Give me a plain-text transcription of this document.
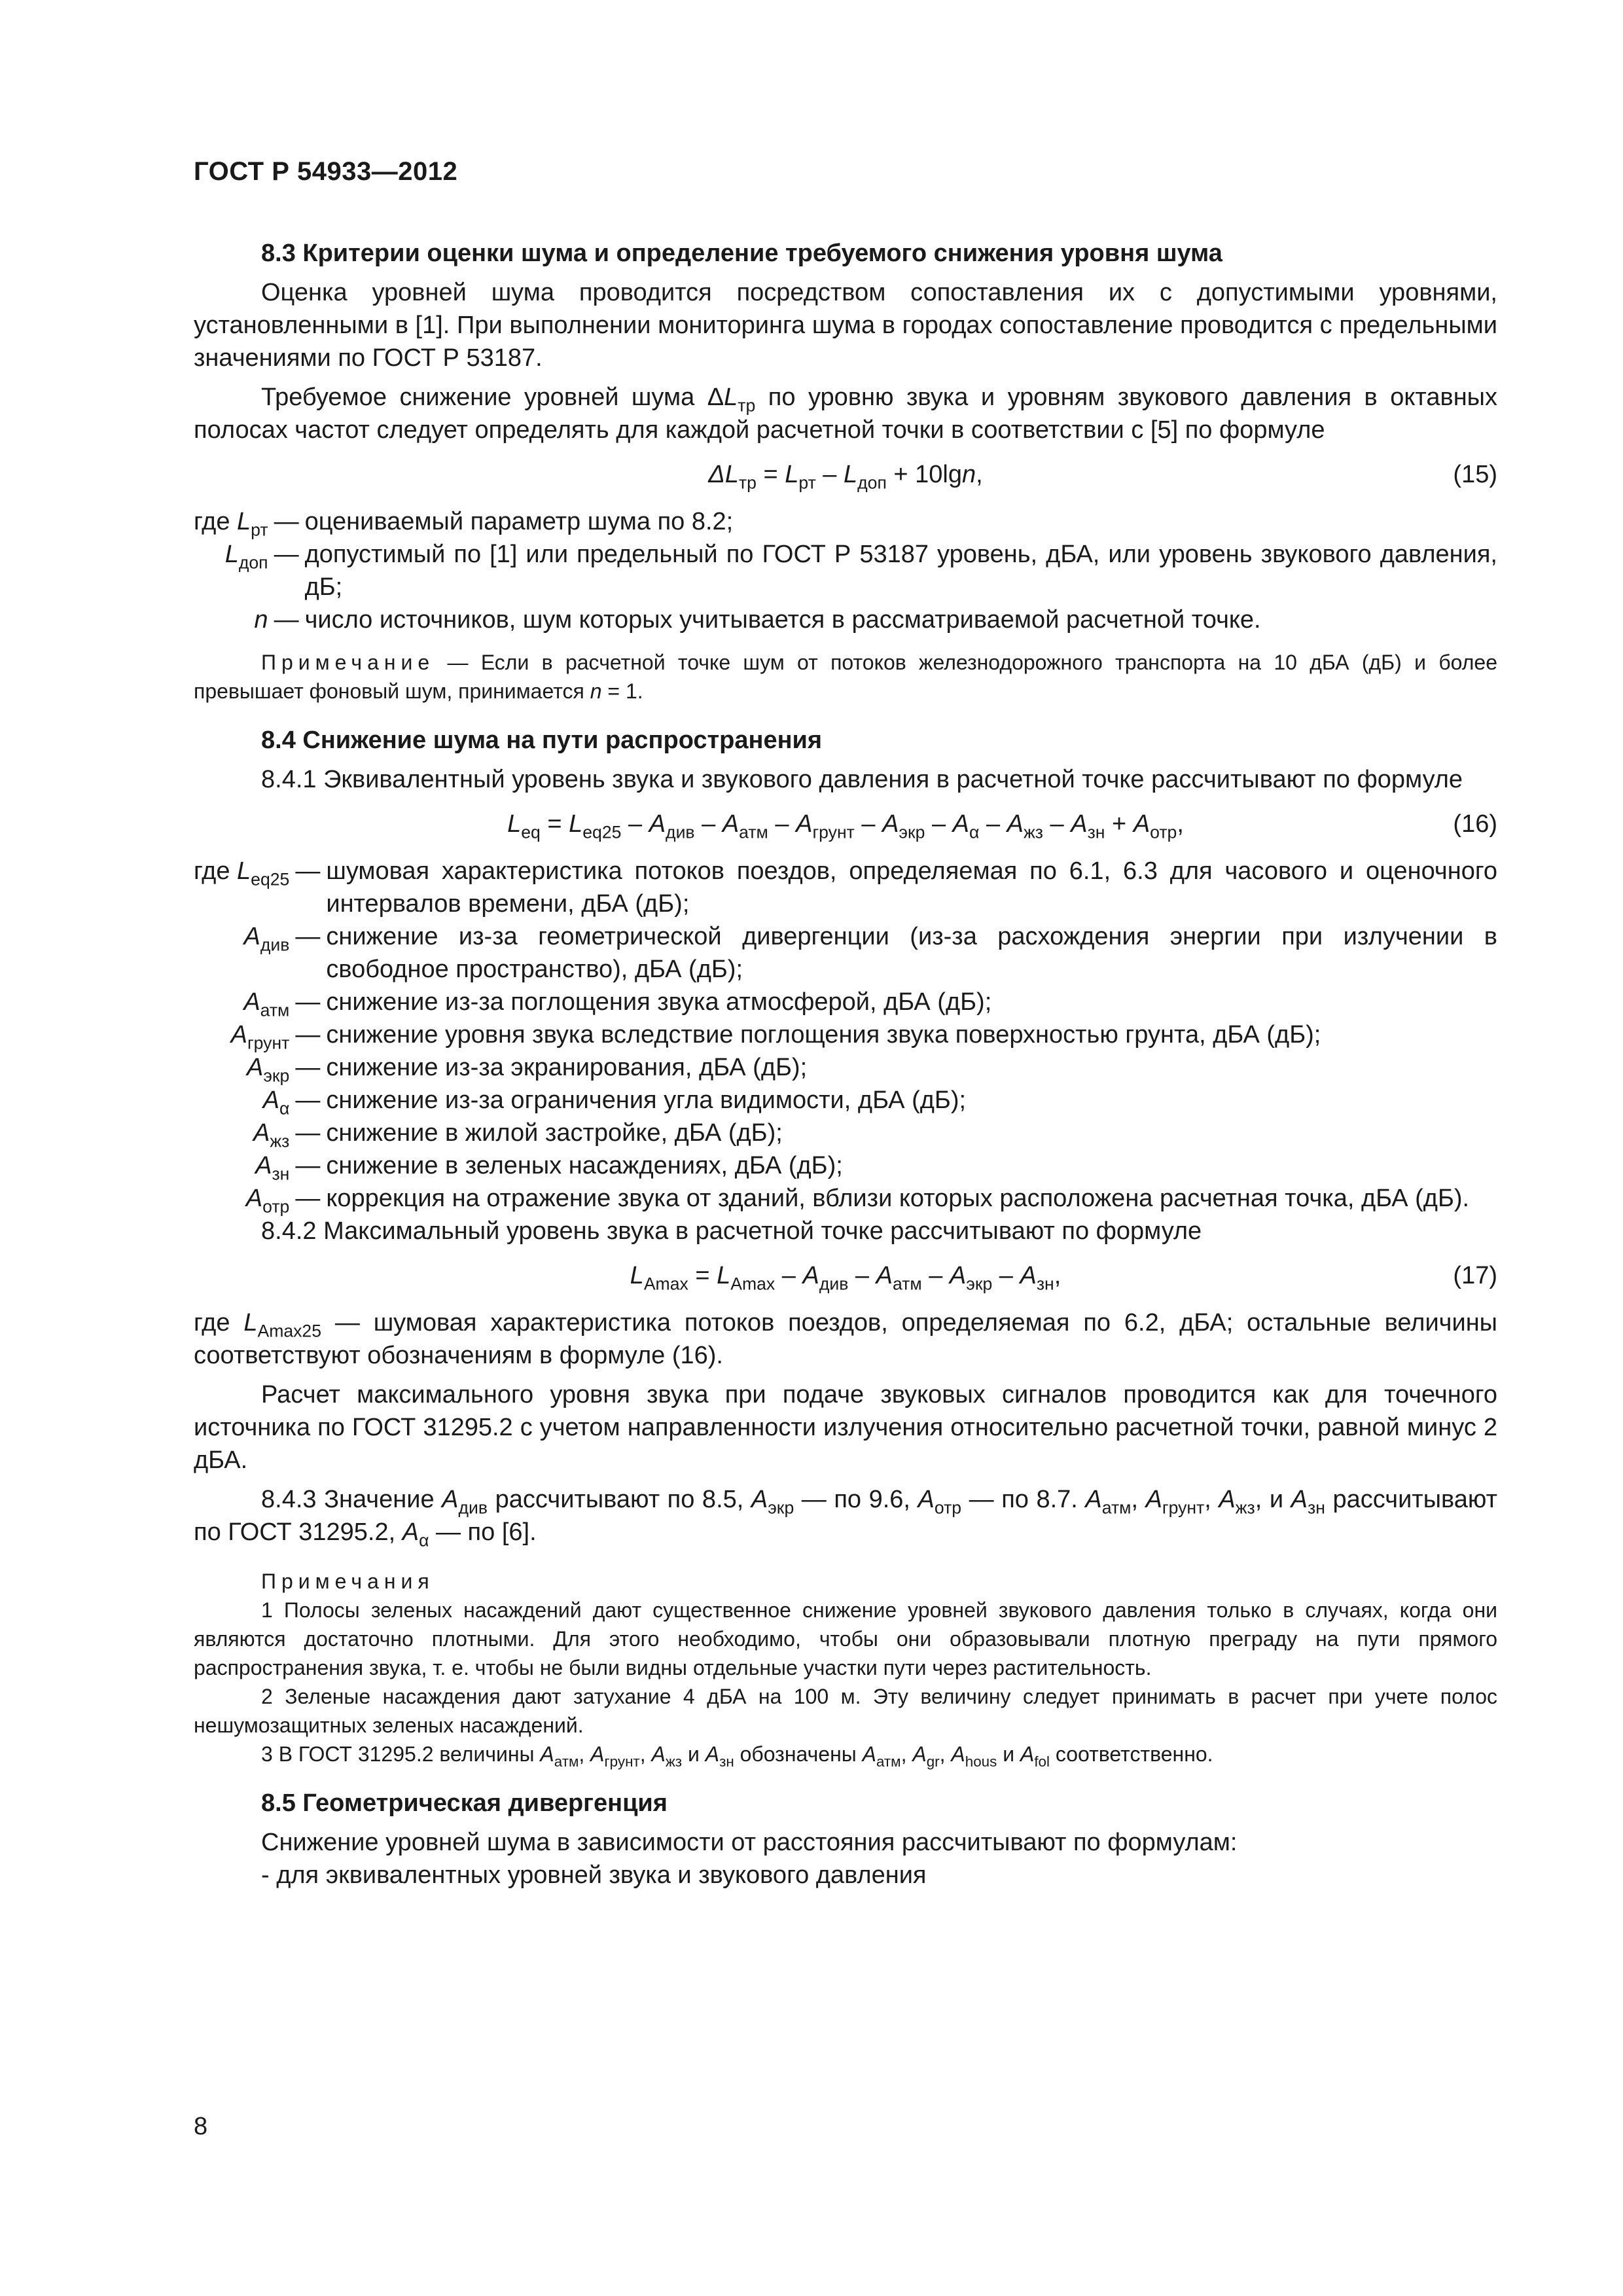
ГОСТ Р 54933—2012

8.3 Критерии оценки шума и определение требуемого снижения уровня шума

Оценка уровней шума проводится посредством сопоставления их с допустимыми уровнями, установленными в [1]. При выполнении мониторинга шума в городах сопоставление проводится с предельными значениями по ГОСТ Р 53187.

Требуемое снижение уровней шума $\Delta L_{тр}$ по уровню звука и уровням звукового давления в октавных полосах частот следует определять для каждой расчетной точки в соответствии с [5] по формуле

$\Delta L_{тр} = L_{рт} - L_{доп} + 10\lg n$,	(15)
где $L_{рт}$	—	оцениваемый параметр шума по 8.2;
$L_{доп}$	—	допустимый по [1] или предельный по ГОСТ Р 53187 уровень, дБА, или уровень звукового давления, дБ;
n	—	число источников, шум которых учитывается в рассматриваемой расчетной точке.

Примечание — Если в расчетной точке шум от потоков железнодорожного транспорта на 10 дБА (дБ) и более превышает фоновый шум, принимается n = 1.

8.4 Снижение шума на пути распространения

8.4.1 Эквивалентный уровень звука и звукового давления в расчетной точке рассчитывают по формуле

$L_{eq} = L_{eq25} - A_{див} - A_{атм} - A_{грунт} - A_{экр} - A_\alpha - A_{жз} - A_{зн} + A_{отр}$,	(16)
где $L_{eq25}$	—	шумовая характеристика потоков поездов, определяемая по 6.1, 6.3 для часового и оценочного интервалов времени, дБА (дБ);
$A_{див}$	—	снижение из-за геометрической дивергенции (из-за расхождения энергии при излучении в свободное пространство), дБА (дБ);
$A_{атм}$	—	снижение из-за поглощения звука атмосферой, дБА (дБ);
$A_{грунт}$	—	снижение уровня звука вследствие поглощения звука поверхностью грунта, дБА (дБ);
$A_{экр}$	—	снижение из-за экранирования, дБА (дБ);
$A_\alpha$	—	снижение из-за ограничения угла видимости, дБА (дБ);
$A_{жз}$	—	снижение в жилой застройке, дБА (дБ);
$A_{зн}$	—	снижение в зеленых насаждениях, дБА (дБ);
$A_{отр}$	—	коррекция на отражение звука от зданий, вблизи которых расположена расчетная точка, дБА (дБ).

8.4.2 Максимальный уровень звука в расчетной точке рассчитывают по формуле

$L_{Amax} = L_{Amax} - A_{див} - A_{атм} - A_{экр} - A_{зн}$,	(17)

где $L_{Amax25}$ — шумовая характеристика потоков поездов, определяемая по 6.2, дБА; остальные величины соответствуют обозначениям в формуле (16).

Расчет максимального уровня звука при подаче звуковых сигналов проводится как для точечного источника по ГОСТ 31295.2 с учетом направленности излучения относительно расчетной точки, равной минус 2 дБА.

8.4.3 Значение $A_{див}$ рассчитывают по 8.5, $A_{экр}$ — по 9.6, $A_{отр}$ — по 8.7. $A_{атм}$, $A_{грунт}$, $A_{жз}$, и $A_{зн}$ рассчитывают по ГОСТ 31295.2, $A_\alpha$ — по [6].

Примечания

1 Полосы зеленых насаждений дают существенное снижение уровней звукового давления только в случаях, когда они являются достаточно плотными. Для этого необходимо, чтобы они образовывали плотную преграду на пути прямого распространения звука, т. е. чтобы не были видны отдельные участки пути через растительность.

2 Зеленые насаждения дают затухание 4 дБА на 100 м. Эту величину следует принимать в расчет при учете полос нешумозащитных зеленых насаждений.

3 В ГОСТ 31295.2 величины $A_{атм}$, $A_{грунт}$, $A_{жз}$ и $A_{зн}$ обозначены $A_{атм}$, $A_{gr}$, $A_{hous}$ и $A_{fol}$ соответственно.

8.5 Геометрическая дивергенция

Снижение уровней шума в зависимости от расстояния рассчитывают по формулам:

- для эквивалентных уровней звука и звукового давления

8
